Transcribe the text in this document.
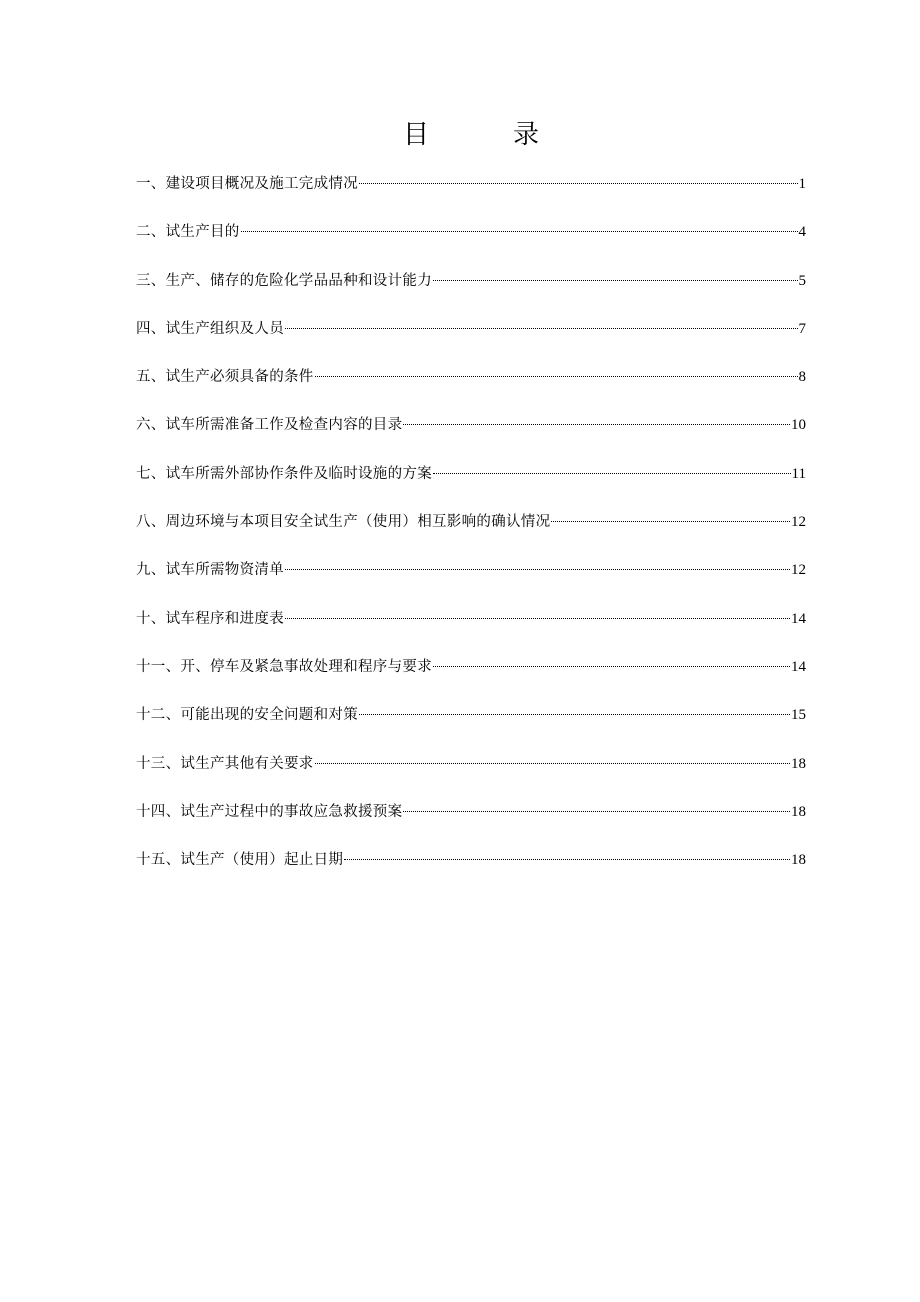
目	录
一、建设项目概况及施工完成情况	1
二、试生产目的	4
三、生产、储存的危险化学品品种和设计能力	5
四、试生产组织及人员	7
五、试生产必须具备的条件	8
六、试车所需准备工作及检查内容的目录	10
七、试车所需外部协作条件及临时设施的方案	11
八、周边环境与本项目安全试生产（使用）相互影响的确认情况	12
九、试车所需物资清单	12
十、试车程序和进度表	14
十一、开、停车及紧急事故处理和程序与要求	14
十二、可能出现的安全问题和对策	15
十三、试生产其他有关要求	18
十四、试生产过程中的事故应急救援预案	18
十五、试生产（使用）起止日期	18
